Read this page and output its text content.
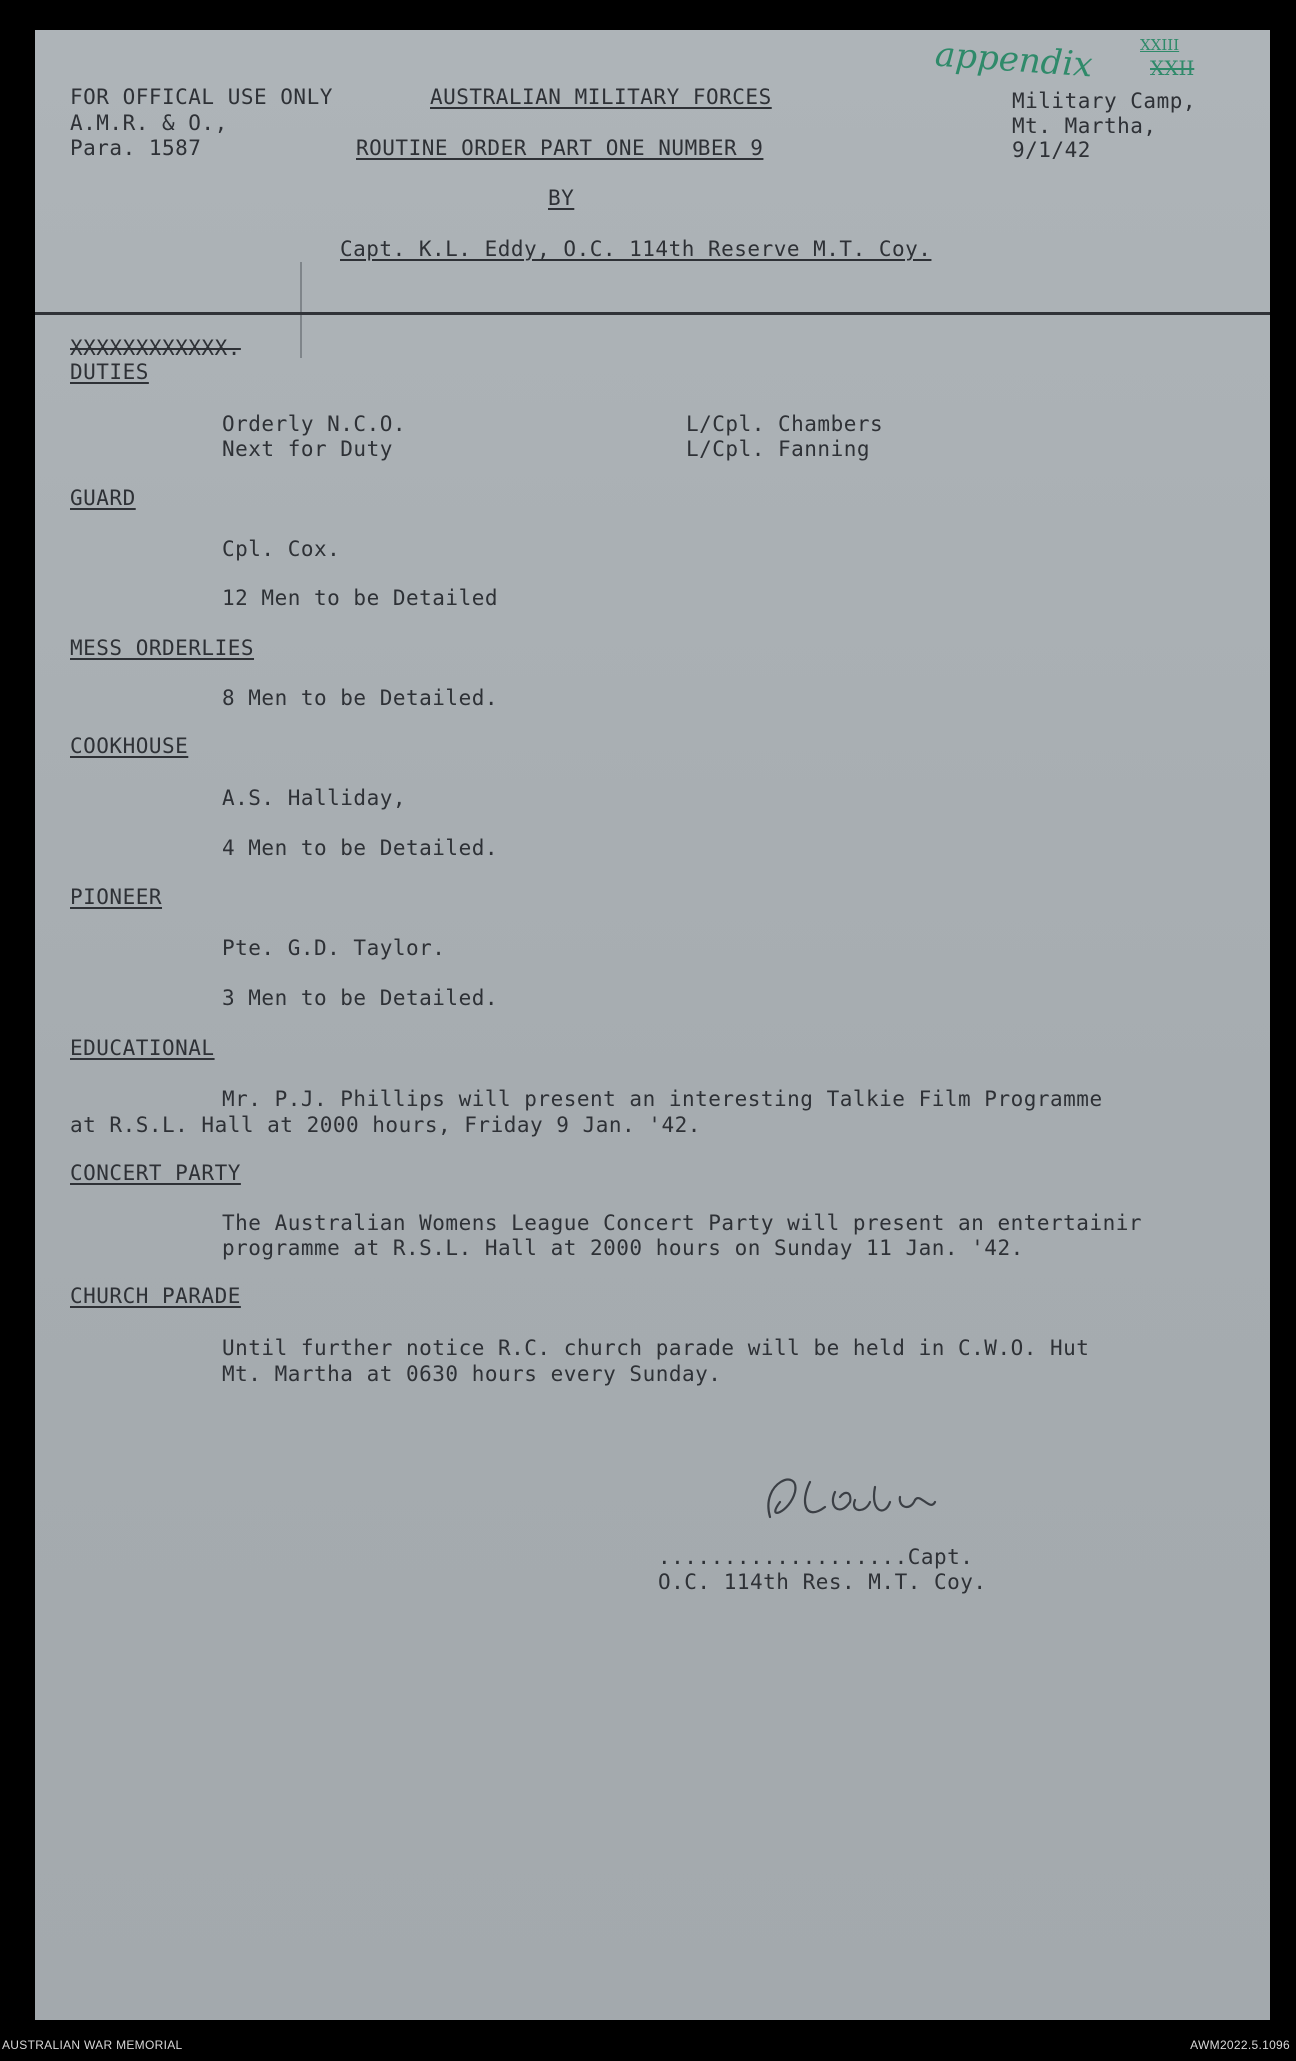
appendix	XXIII
XXII
FOR OFFICAL USE ONLY
A.M.R. & O.,
Para. 1587
AUSTRALIAN MILITARY FORCES
ROUTINE ORDER PART ONE NUMBER 9
BY
Capt. K.L. Eddy, O.C. 114th Reserve M.T. Coy.
Military Camp,
Mt. Martha,
9/1/42
XXXXXXXXXXXX.
DUTIES
Orderly N.C.O.	L/Cpl. Chambers
Next for Duty	L/Cpl. Fanning
GUARD
Cpl. Cox.
12 Men to be Detailed
MESS ORDERLIES
8 Men to be Detailed.
COOKHOUSE
A.S. Halliday,
4 Men to be Detailed.
PIONEER
Pte. G.D. Taylor.
3 Men to be Detailed.
EDUCATIONAL
Mr. P.J. Phillips will present an interesting Talkie Film Programme
at R.S.L. Hall at 2000 hours, Friday 9 Jan. '42.
CONCERT PARTY
The Australian Womens League Concert Party will present an entertainir
programme at R.S.L. Hall at 2000 hours on Sunday 11 Jan. '42.
CHURCH PARADE
Until further notice R.C. church parade will be held in C.W.O. Hut
Mt. Martha at 0630 hours every Sunday.
...................Capt.
O.C. 114th Res. M.T. Coy.
AUSTRALIAN WAR MEMORIAL	AWM2022.5.1096
